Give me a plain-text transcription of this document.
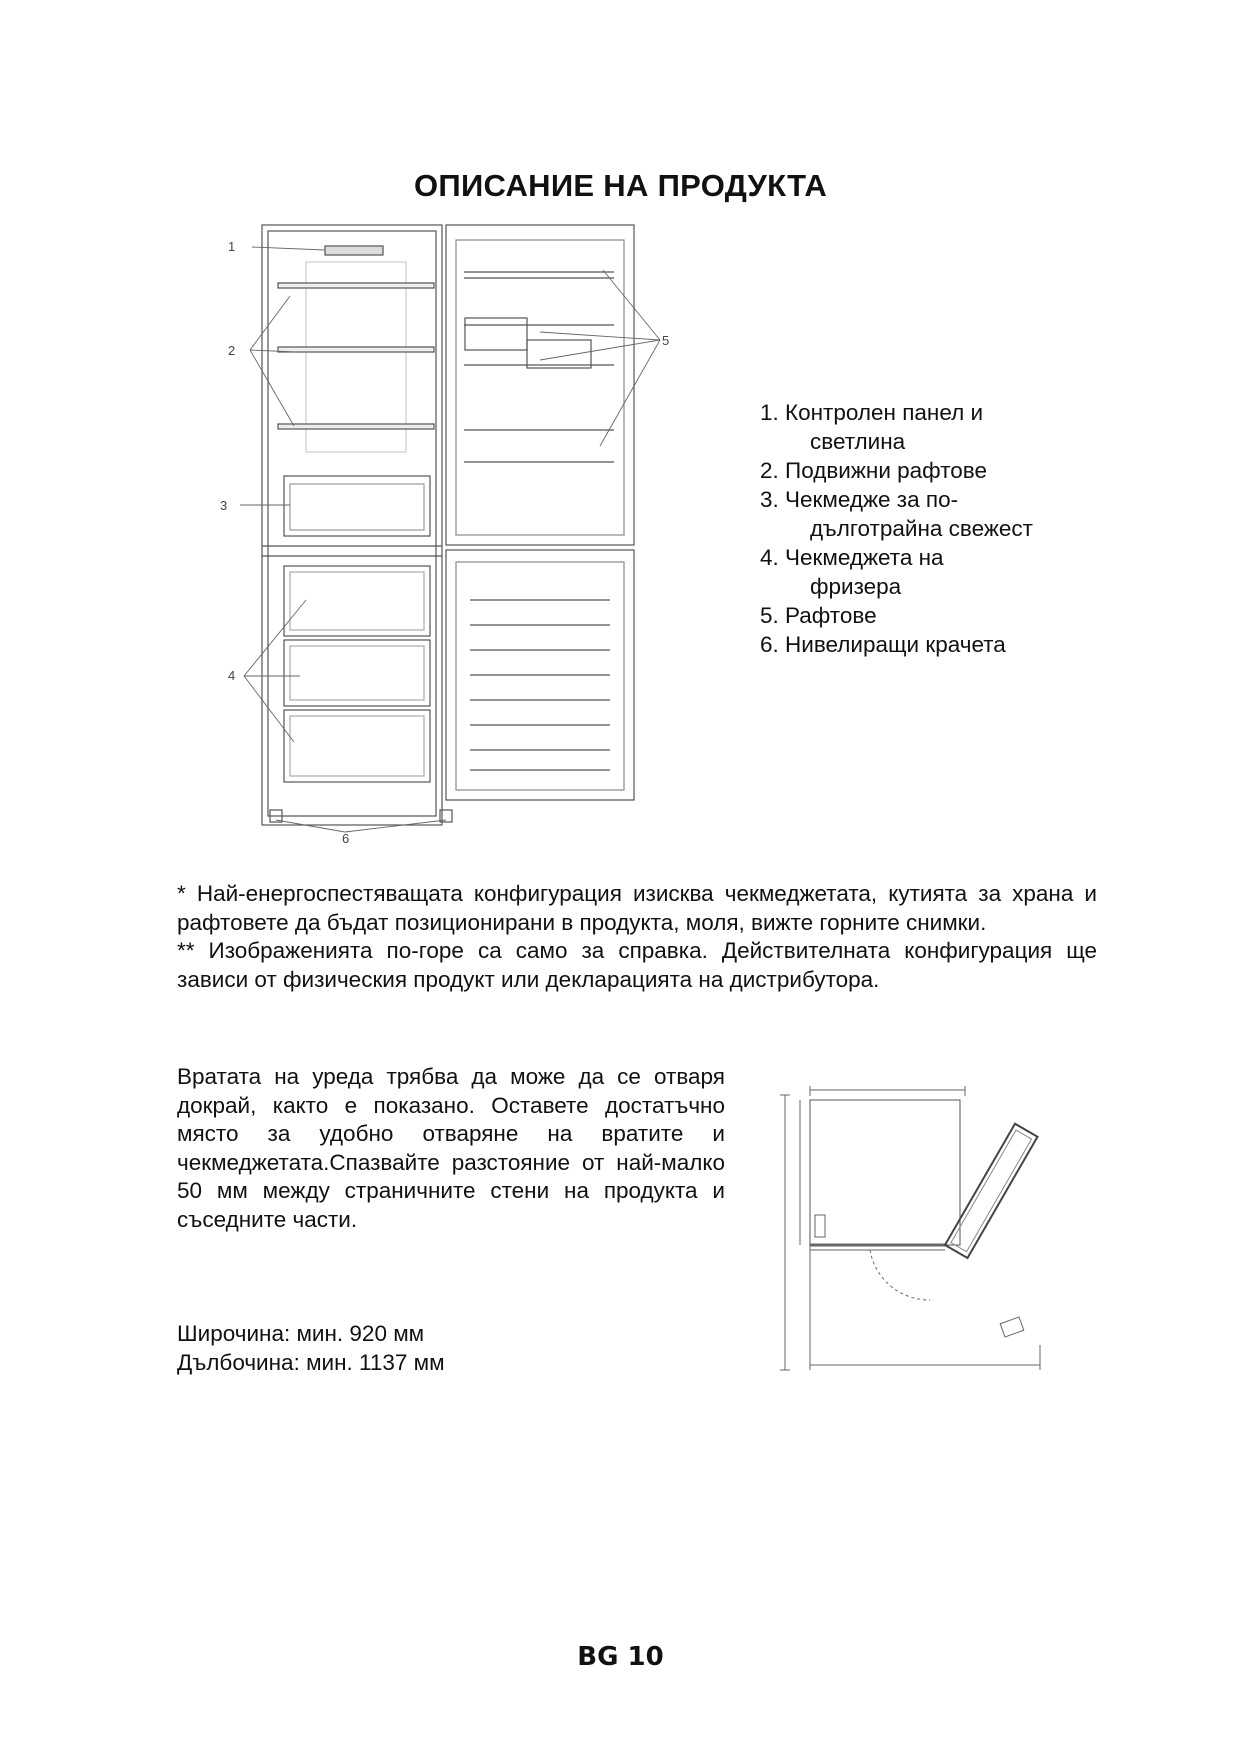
ОПИСАНИЕ НА ПРОДУКТА
1
2
3
4
5
6
1. Контролен панел и
светлина
2. Подвижни рафтове
3. Чекмедже за по-
дълготрайна свежест
4. Чекмеджета на
фризера
5. Рафтове
6. Нивелиращи крачета

* Най-енергоспестяващата конфигурация изисква чекмеджетата, кутията за храна и рафтовете да бъдат позиционирани в продукта, моля, вижте горните снимки.

** Изображенията по-горе са само за справка. Действителната конфигурация ще зависи от физическия продукт или декларацията на дистрибутора.

Вратата на уреда трябва да може да се отваря докрай, както е показано. Оставете достатъчно място за удобно отваряне на вратите и чекмеджетата.Спазвайте разстояние от най-малко 50 мм между страничните стени на продукта и съседните части.
Широчина: мин. 920 мм
Дълбочина: мин. 1137 мм
BG 10
